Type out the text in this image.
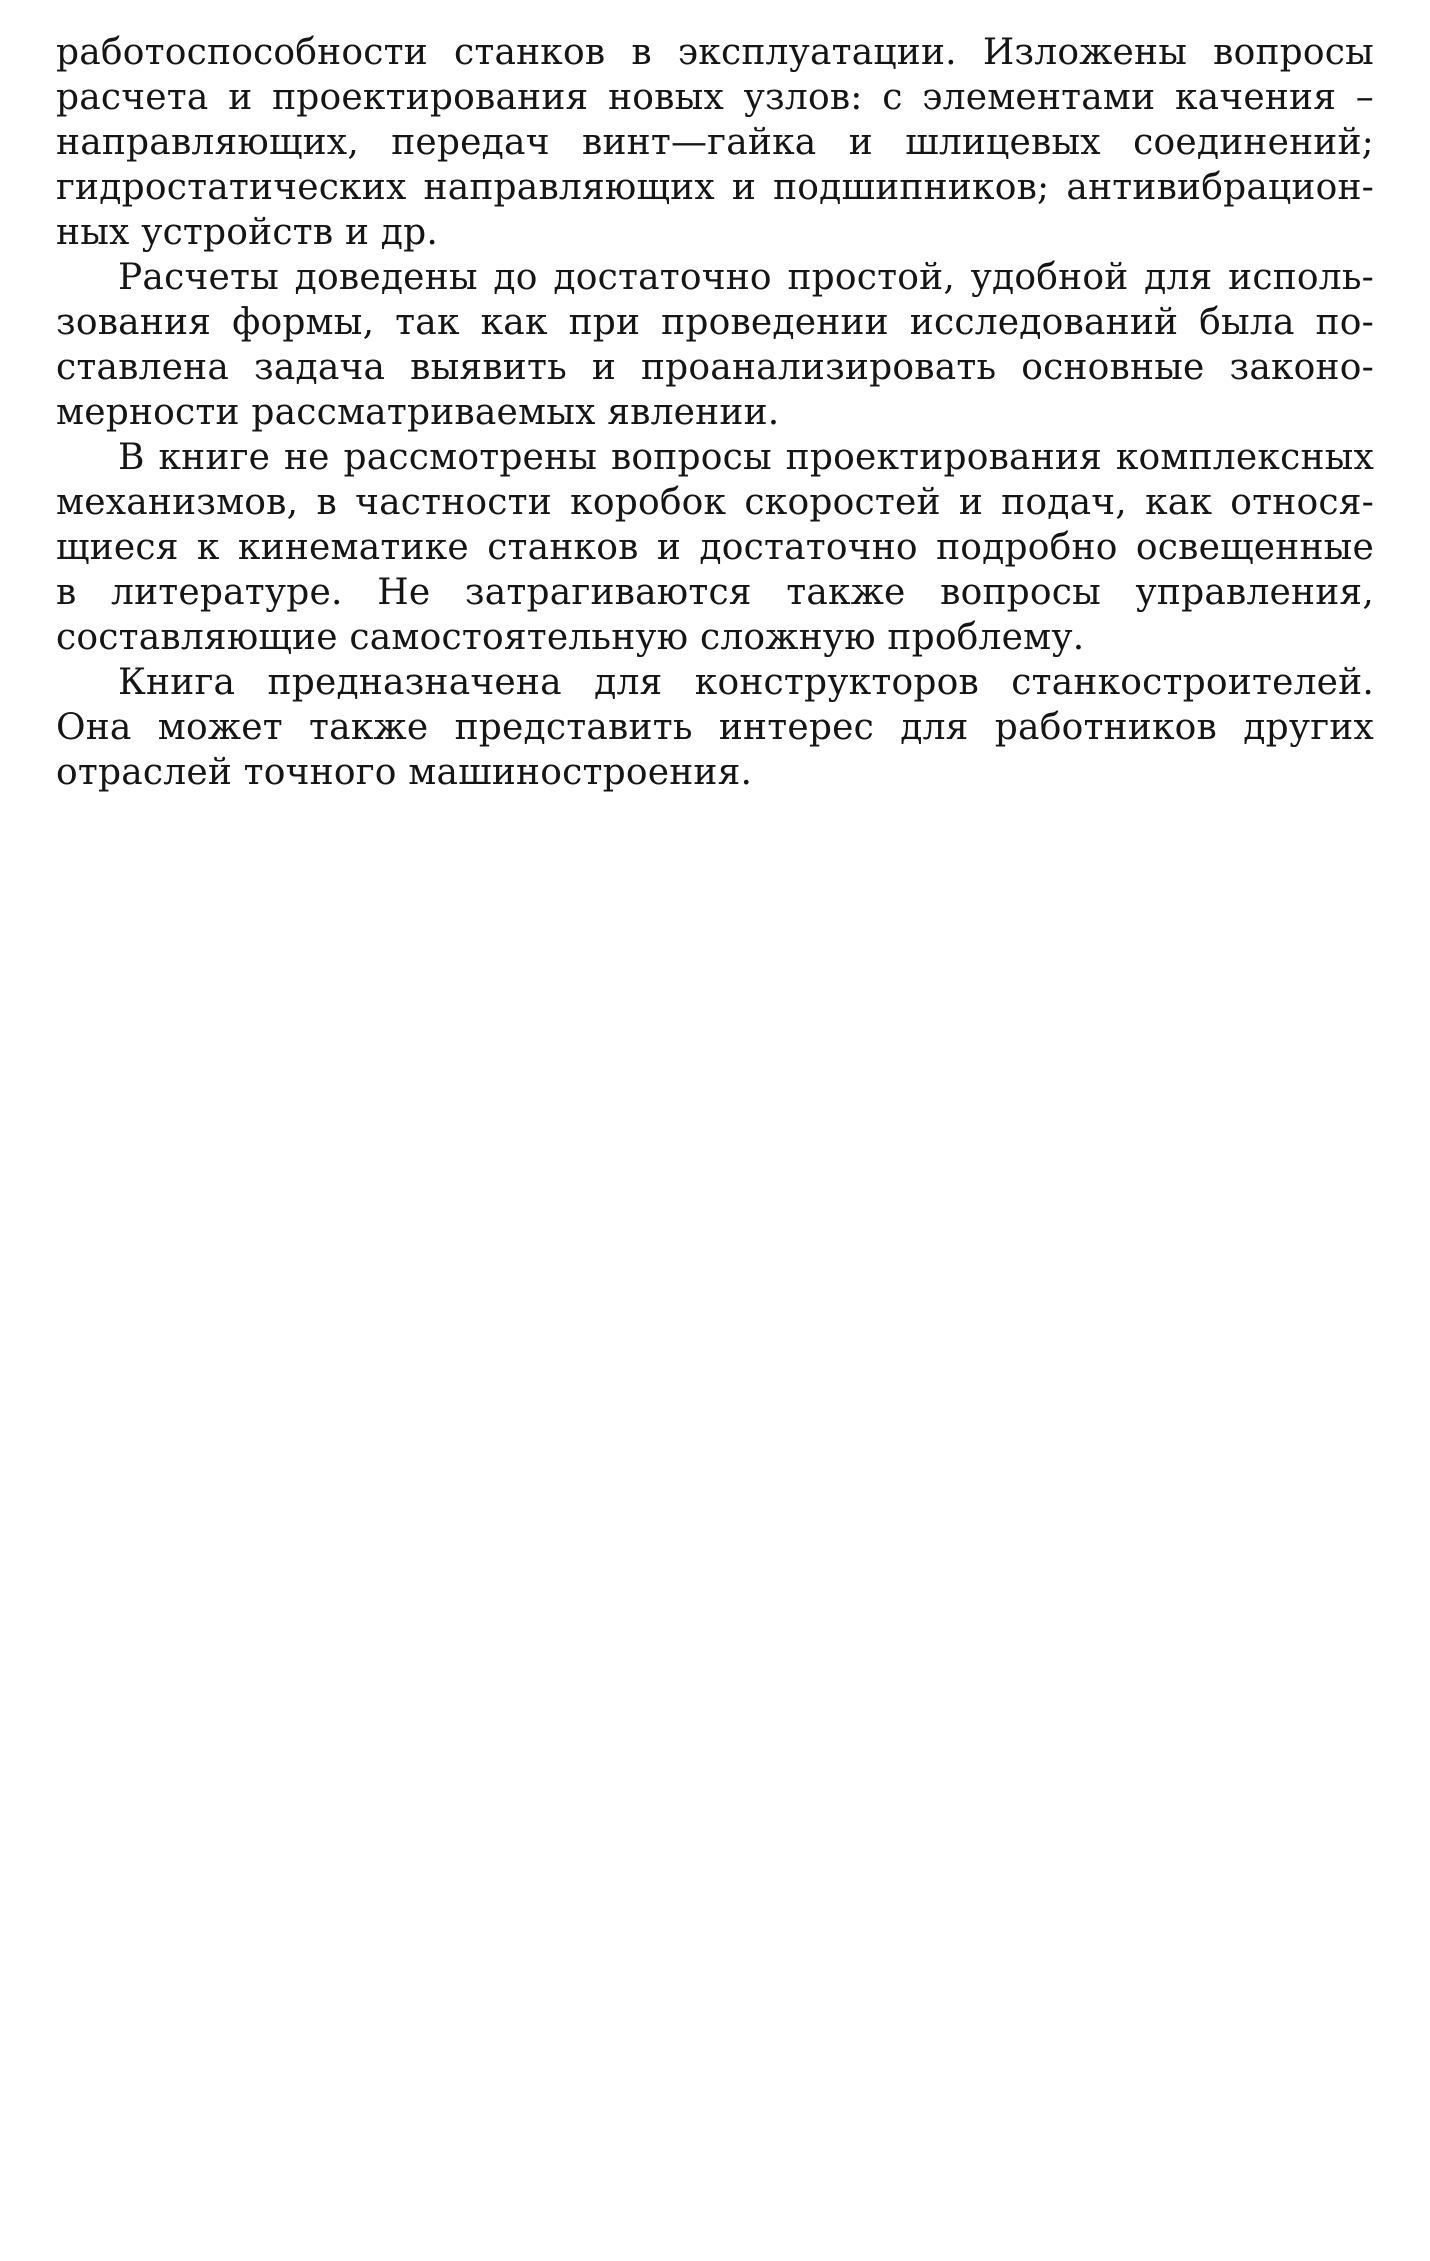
работоспособности станков в эксплуатации. Изложены вопросы
расчета и проектирования новых узлов: с элементами качения –
направляющих, передач винт—гайка и шлицевых соединений;
гидростатических направляющих и подшипников; антивибрацион-
ных устройств и др.
Расчеты доведены до достаточно простой, удобной для исполь-
зования формы, так как при проведении исследований была по-
ставлена задача выявить и проанализировать основные законо-
мерности рассматриваемых явлении.
В книге не рассмотрены вопросы проектирования комплексных
механизмов, в частности коробок скоростей и подач, как относя-
щиеся к кинематике станков и достаточно подробно освещенные
в литературе. Не затрагиваются также вопросы управления,
составляющие самостоятельную сложную проблему.
Книга предназначена для конструкторов станкостроителей.
Она может также представить интерес для работников других
отраслей точного машиностроения.
